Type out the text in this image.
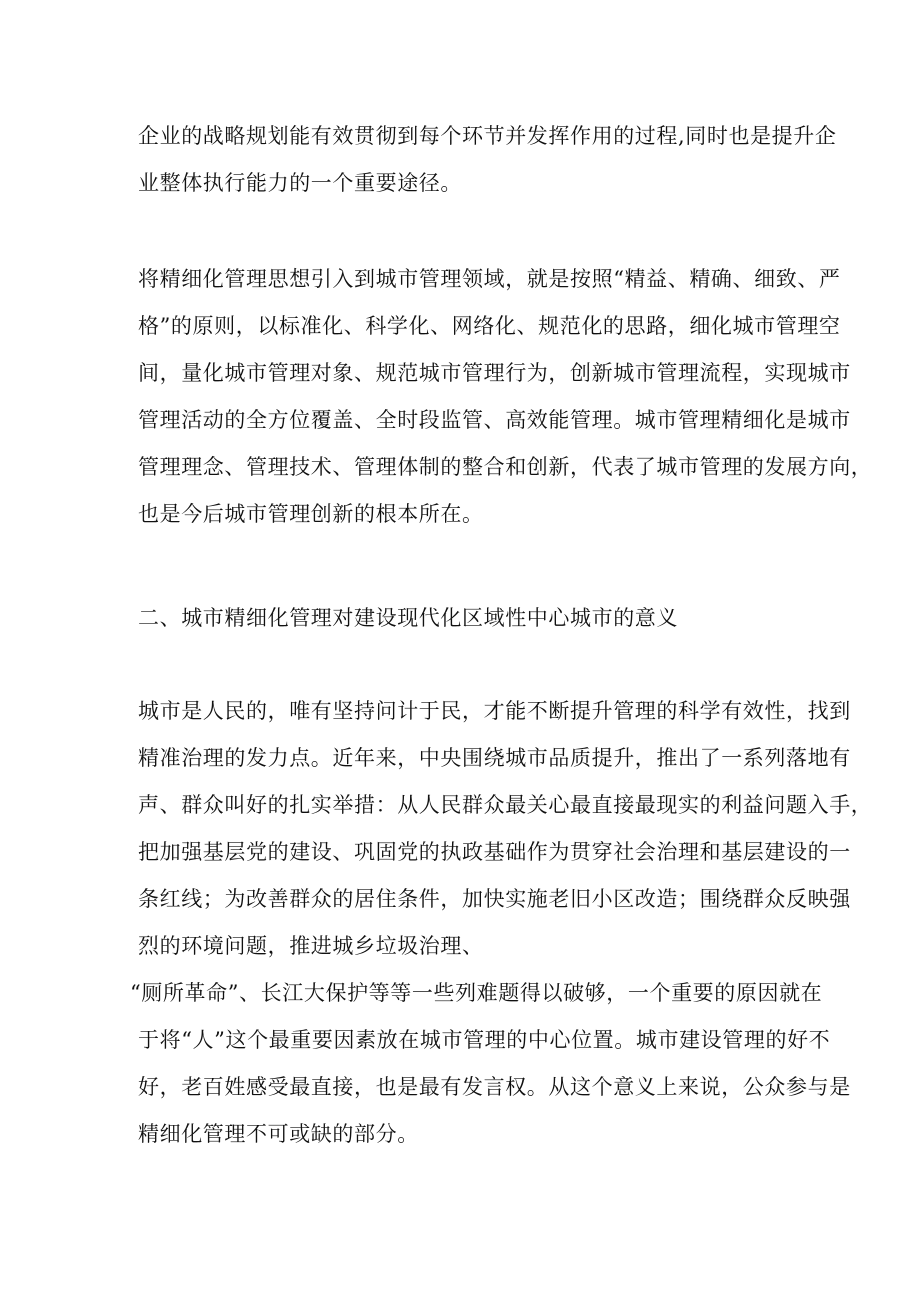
企业的战略规划能有效贯彻到每个环节并发挥作用的过程,同时也是提升企
业整体执行能力的一个重要途径。
将精细化管理思想引入到城市管理领域，就是按照“精益、精确、细致、严
格”的原则，以标准化、科学化、网络化、规范化的思路，细化城市管理空
间，量化城市管理对象、规范城市管理行为，创新城市管理流程，实现城市
管理活动的全方位覆盖、全时段监管、高效能管理。城市管理精细化是城市
管理理念、管理技术、管理体制的整合和创新，代表了城市管理的发展方向，
也是今后城市管理创新的根本所在。
二、城市精细化管理对建设现代化区域性中心城市的意义
城市是人民的，唯有坚持问计于民，才能不断提升管理的科学有效性，找到
精准治理的发力点。近年来，中央围绕城市品质提升，推出了一系列落地有
声、群众叫好的扎实举措：从人民群众最关心最直接最现实的利益问题入手，
把加强基层党的建设、巩固党的执政基础作为贯穿社会治理和基层建设的一
条红线；为改善群众的居住条件，加快实施老旧小区改造；围绕群众反映强
烈的环境问题，推进城乡垃圾治理、
“厕所革命”、长江大保护等等一些列难题得以破够，一个重要的原因就在
于将“人”这个最重要因素放在城市管理的中心位置。城市建设管理的好不
好，老百姓感受最直接，也是最有发言权。从这个意义上来说，公众参与是
精细化管理不可或缺的部分。
